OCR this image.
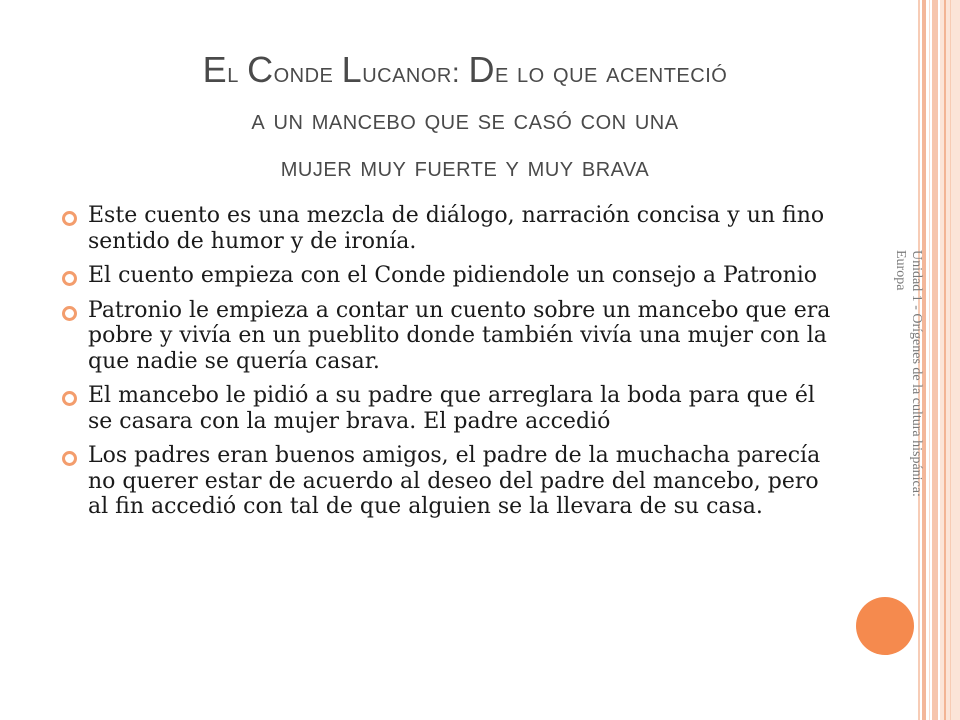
Unidad 1 - Orígenes de la cultura hispánica: Europa
El Conde Lucanor: De lo que acenteció
a un mancebo que se casó con una
mujer muy fuerte y muy brava
Este cuento es una mezcla de diálogo, narración concisa y un fino sentido de humor y de ironía.
El cuento empieza con el Conde pidiendole un consejo a Patronio
Patronio le empieza a contar un cuento sobre un mancebo que era pobre y vivía en un pueblito donde también vivía una mujer con la que nadie se quería casar.
El mancebo le pidió a su padre que arreglara la boda para que él se casara con la mujer brava. El padre accedió
Los padres eran buenos amigos, el padre de la muchacha parecía no querer estar de acuerdo al deseo del padre del mancebo, pero al fin accedió con tal de que alguien se la llevara de su casa.
